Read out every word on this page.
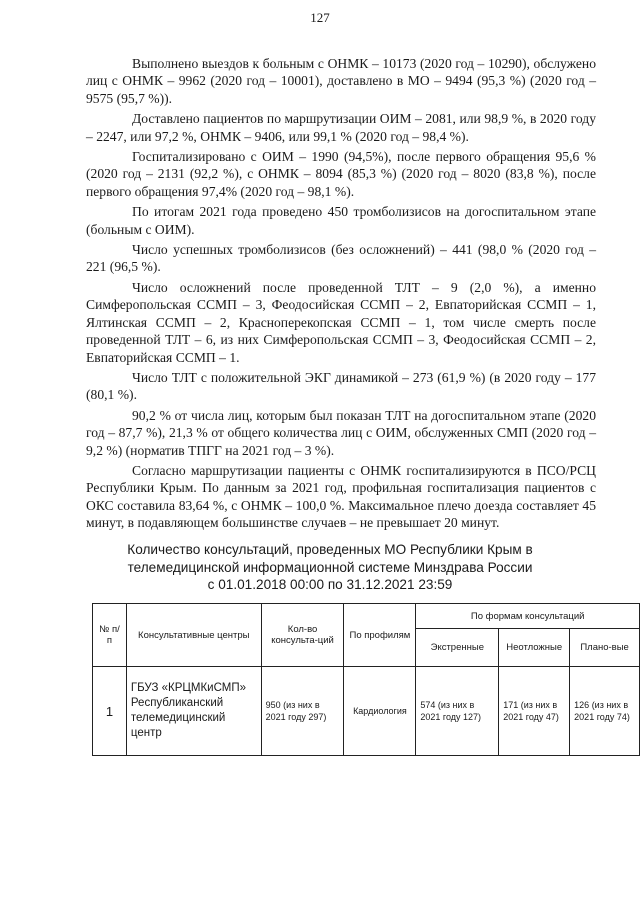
127

Выполнено выездов к больным с ОНМК – 10173 (2020 год – 10290), обслужено лиц с ОНМК – 9962 (2020 год – 10001), доставлено в МО – 9494 (95,3 %) (2020 год – 9575 (95,7 %)).

Доставлено пациентов по маршрутизации ОИМ – 2081, или 98,9 %, в 2020 году – 2247, или 97,2 %, ОНМК – 9406, или 99,1 % (2020 год – 98,4 %).

Госпитализировано с ОИМ – 1990 (94,5%), после первого обращения 95,6 % (2020 год – 2131 (92,2 %), с ОНМК – 8094 (85,3 %) (2020 год – 8020 (83,8 %), после первого обращения 97,4% (2020 год – 98,1 %).

По итогам 2021 года проведено 450 тромболизисов на догоспитальном этапе (больным с ОИМ).

Число успешных тромболизисов (без осложнений) – 441 (98,0 % (2020 год – 221 (96,5 %).

Число осложнений после проведенной ТЛТ – 9 (2,0 %), а именно Симферопольская ССМП – 3, Феодосийская ССМП – 2, Евпаторийская ССМП – 1, Ялтинская ССМП – 2, Красноперекопская ССМП – 1, том числе смерть после проведенной ТЛТ – 6, из них Симферопольская ССМП – 3, Феодосийская ССМП – 2, Евпаторийская ССМП – 1.

Число ТЛТ с положительной ЭКГ динамикой – 273 (61,9 %) (в 2020 году – 177 (80,1 %).

90,2 % от числа лиц, которым был показан ТЛТ на догоспитальном этапе (2020 год – 87,7 %), 21,3 % от общего количества лиц с ОИМ, обслуженных СМП (2020 год – 9,2 %) (норматив ТПГГ на 2021 год – 3 %).

Согласно маршрутизации пациенты с ОНМК госпитализируются в ПСО/РСЦ Республики Крым. По данным за 2021 год, профильная госпитализация пациентов с ОКС составила 83,64 %, с ОНМК – 100,0 %. Максимальное плечо доезда составляет 45 минут, в подавляющем большинстве случаев – не превышает 20 минут.

Количество консультаций, проведенных МО Республики Крым в
телемедицинской информационной системе Минздрава России
с 01.01.2018 00:00 по 31.12.2021 23:59
№ п/п	Консультативные центры	Кол-во консульта-ций	По профилям	По формам консультаций		
				Экстренные	Неотложные	Плано-вые
1	ГБУЗ «КРЦМКиСМП» Республиканский телемедицинский центр	950 (из них в 2021 году 297)	Кардиология	574 (из них в 2021 году 127)	171 (из них в 2021 году 47)	126 (из них в 2021 году 74)
